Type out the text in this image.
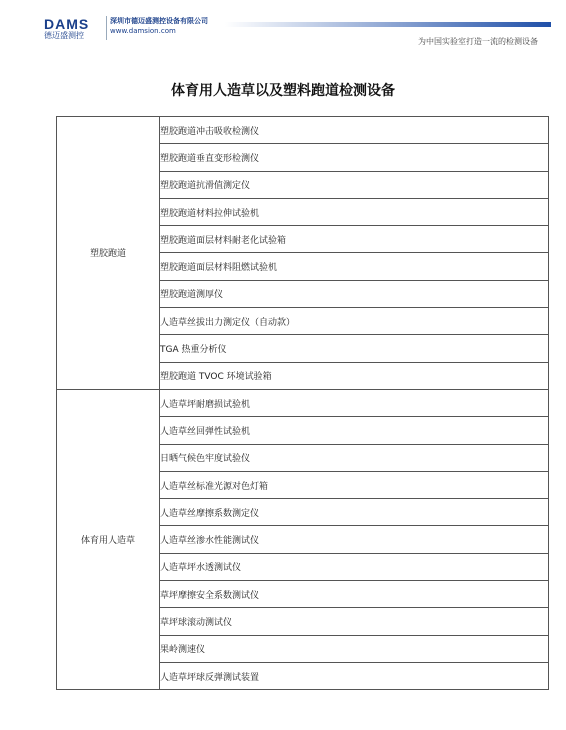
DAMS
德迈盛测控
深圳市德迈盛测控设备有限公司
www.damsion.com
为中国实验室打造一流的检测设备
体育用人造草以及塑料跑道检测设备
塑胶跑道	塑胶跑道冲击吸收检测仪
	塑胶跑道垂直变形检测仪
	塑胶跑道抗滑值测定仪
	塑胶跑道材料拉伸试验机
	塑胶跑道面层材料耐老化试验箱
	塑胶跑道面层材料阻燃试验机
	塑胶跑道测厚仪
	人造草丝拔出力测定仪（自动款）
	TGA 热重分析仪
	塑胶跑道 TVOC 环境试验箱
体育用人造草	人造草坪耐磨损试验机
	人造草丝回弹性试验机
	日晒气候色牢度试验仪
	人造草丝标准光源对色灯箱
	人造草丝摩擦系数测定仪
	人造草丝渗水性能测试仪
	人造草坪水透测试仪
	草坪摩擦安全系数测试仪
	草坪球滚动测试仪
	果岭测速仪
	人造草坪球反弹测试装置
